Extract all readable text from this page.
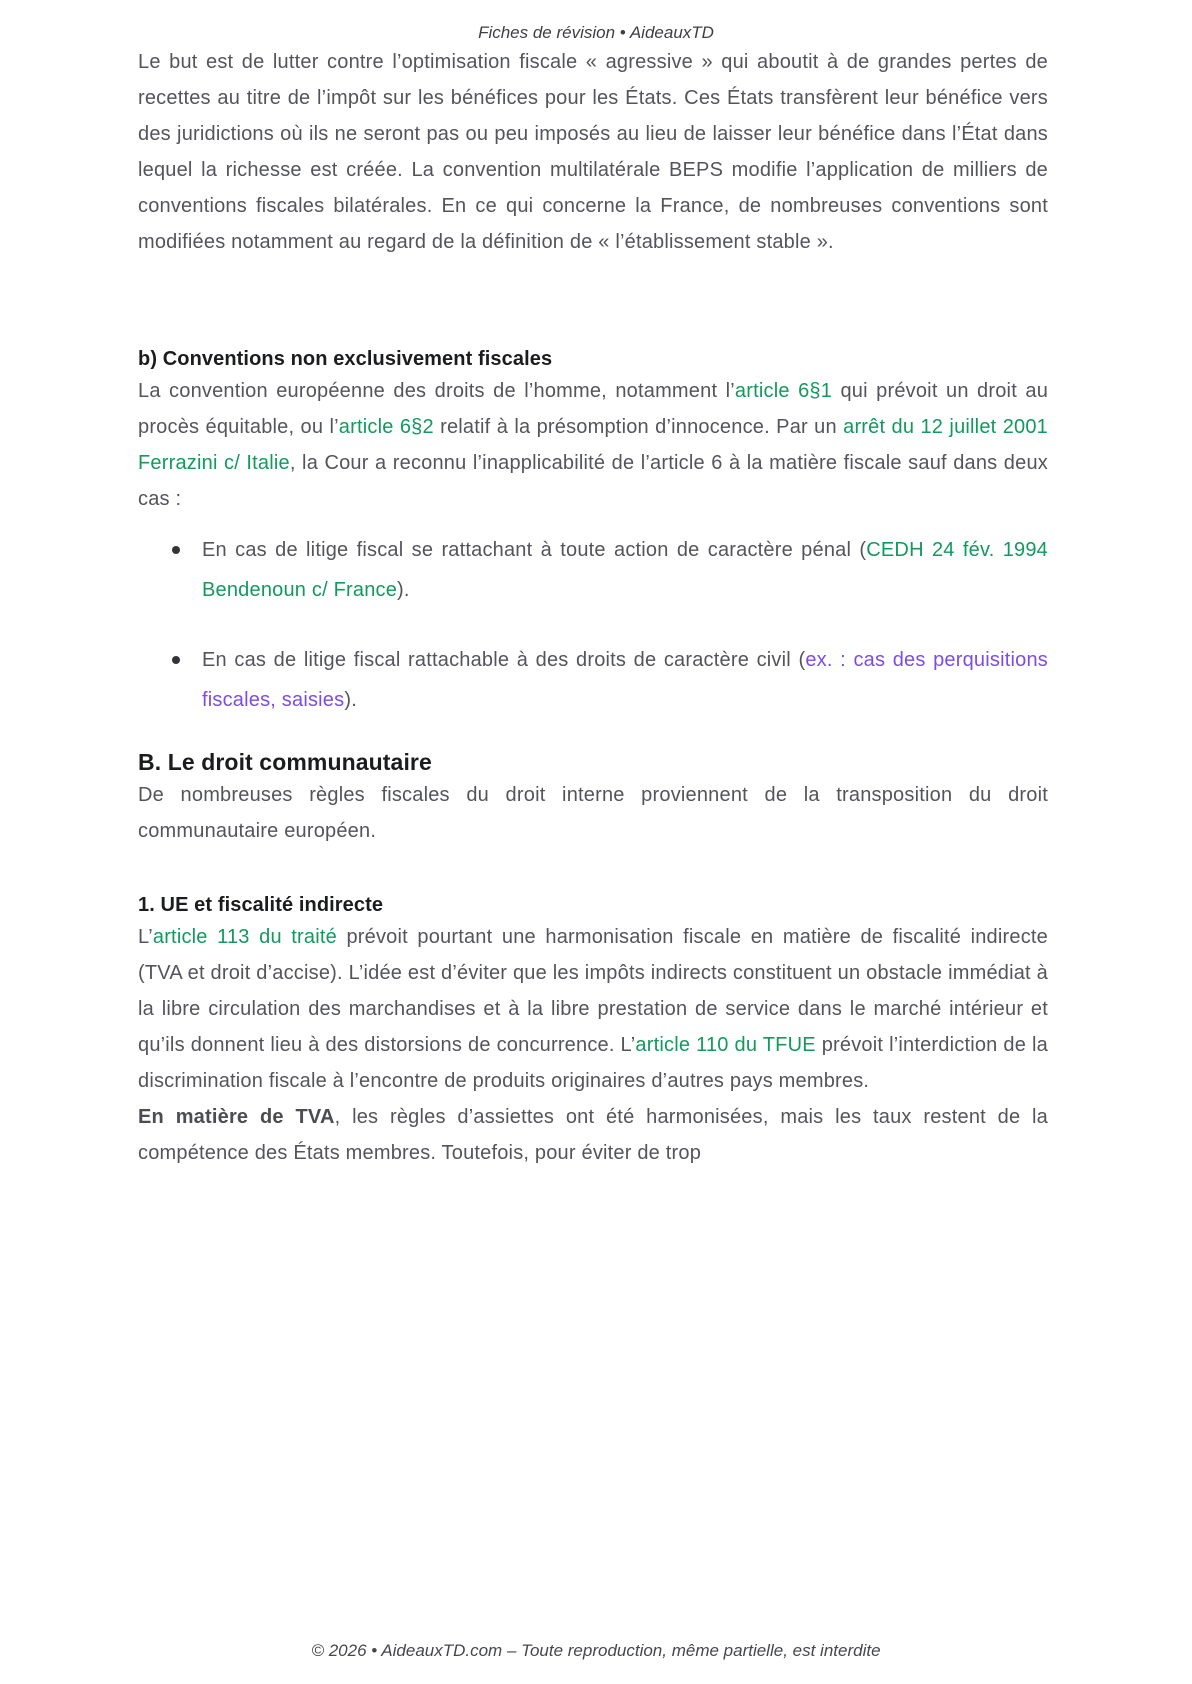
Fiches de révision • AideauxTD

Le but est de lutter contre l’optimisation fiscale « agressive » qui aboutit à de grandes pertes de recettes au titre de l’impôt sur les bénéfices pour les États. Ces États transfèrent leur bénéfice vers des juridictions où ils ne seront pas ou peu imposés au lieu de laisser leur bénéfice dans l’État dans lequel la richesse est créée. La convention multilatérale BEPS modifie l’application de milliers de conventions fiscales bilatérales. En ce qui concerne la France, de nombreuses conventions sont modifiées notamment au regard de la définition de « l’établissement stable ».

b) Conventions non exclusivement fiscales

La convention européenne des droits de l’homme, notamment l’article 6§1 qui prévoit un droit au procès équitable, ou l’article 6§2 relatif à la présomption d’innocence. Par un arrêt du 12 juillet 2001 Ferrazini c/ Italie, la Cour a reconnu l’inapplicabilité de l’article 6 à la matière fiscale sauf dans deux cas :

En cas de litige fiscal se rattachant à toute action de caractère pénal (CEDH 24 fév. 1994 Bendenoun c/ France).
En cas de litige fiscal rattachable à des droits de caractère civil (ex. : cas des perquisitions fiscales, saisies).
B. Le droit communautaire

De nombreuses règles fiscales du droit interne proviennent de la transposition du droit communautaire européen.

1. UE et fiscalité indirecte

L’article 113 du traité prévoit pourtant une harmonisation fiscale en matière de fiscalité indirecte (TVA et droit d’accise). L’idée est d’éviter que les impôts indirects constituent un obstacle immédiat à la libre circulation des marchandises et à la libre prestation de service dans le marché intérieur et qu’ils donnent lieu à des distorsions de concurrence. L’article 110 du TFUE prévoit l’interdiction de la discrimination fiscale à l’encontre de produits originaires d’autres pays membres.

En matière de TVA, les règles d’assiettes ont été harmonisées, mais les taux restent de la compétence des États membres. Toutefois, pour éviter de trop

© 2026 • AideauxTD.com – Toute reproduction, même partielle, est interdite
